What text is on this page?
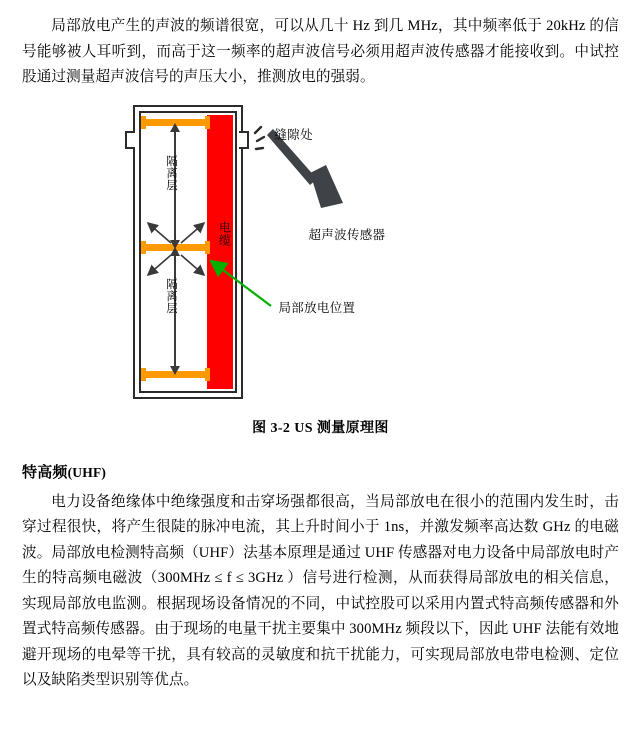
局部放电产生的声波的频谱很宽，可以从几十 Hz 到几 MHz，其中频率低于 20kHz 的信号能够被人耳听到，而高于这一频率的超声波信号必须用超声波传感器才能接收到。中试控股通过测量超声波信号的声压大小，推测放电的强弱。

电缆
隔离层
隔离层
缝隙处
超声波传感器
局部放电位置
图 3-2 US 测量原理图
特高频(UHF)

电力设备绝缘体中绝缘强度和击穿场强都很高，当局部放电在很小的范围内发生时，击穿过程很快，将产生很陡的脉冲电流，其上升时间小于 1ns，并激发频率高达数 GHz 的电磁波。局部放电检测特高频（UHF）法基本原理是通过 UHF 传感器对电力设备中局部放电时产生的特高频电磁波（300MHz ≤ f ≤ 3GHz ）信号进行检测，从而获得局部放电的相关信息，实现局部放电监测。根据现场设备情况的不同，中试控股可以采用内置式特高频传感器和外置式特高频传感器。由于现场的电量干扰主要集中 300MHz 频段以下，因此 UHF 法能有效地避开现场的电晕等干扰，具有较高的灵敏度和抗干扰能力，可实现局部放电带电检测、定位以及缺陷类型识别等优点。
